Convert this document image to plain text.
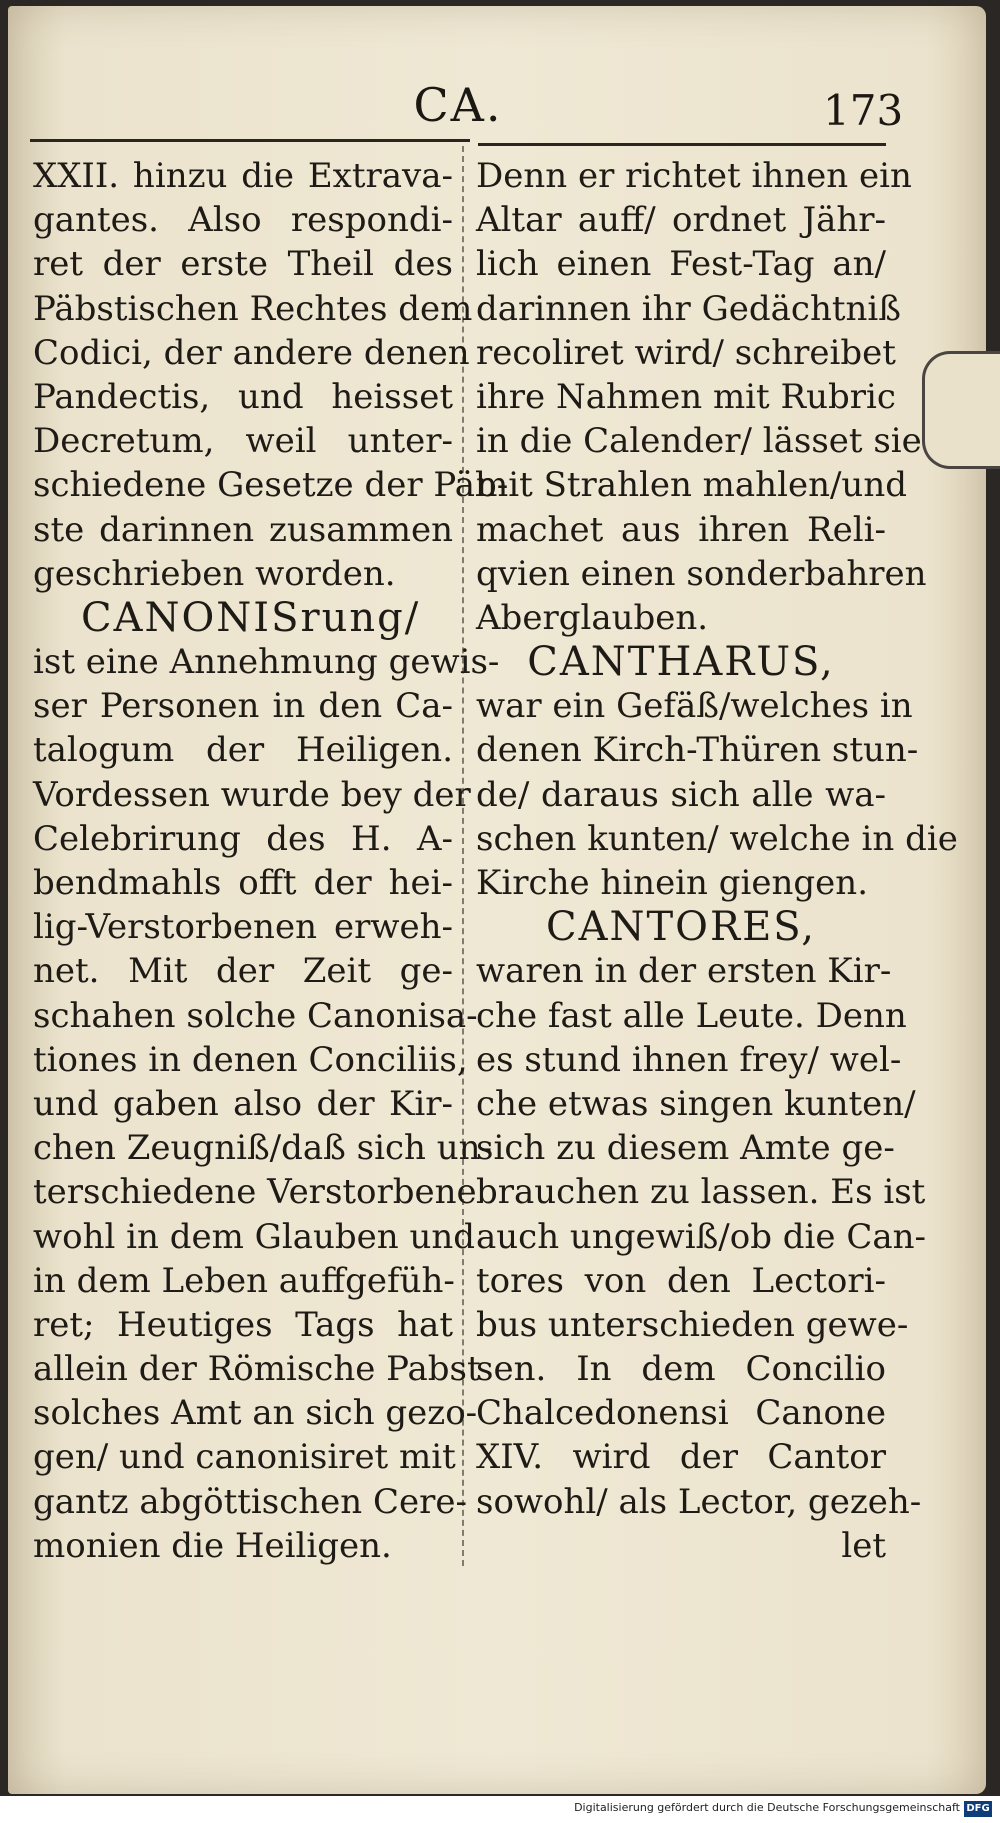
CA.	173
XXII. hinzu die Extrava-
gantes. Also respondi-
ret der erste Theil des
Päbstischen Rechtes dem
Codici, der andere denen
Pandectis, und heisset
Decretum, weil unter-
schiedene Gesetze der Päb-
ste darinnen zusammen
geschrieben worden.
CANONISrung/
ist eine Annehmung gewis-
ser Personen in den Ca-
talogum der Heiligen.
Vordessen wurde bey der
Celebrirung des H. A-
bendmahls offt der hei-
lig-Verstorbenen erweh-
net. Mit der Zeit ge-
schahen solche Canonisa-
tiones in denen Conciliis,
und gaben also der Kir-
chen Zeugniß/daß sich un-
terschiedene Verstorbene
wohl in dem Glauben und
in dem Leben auffgefüh-
ret; Heutiges Tags hat
allein der Römische Pabst
solches Amt an sich gezo-
gen/ und canonisiret mit
gantz abgöttischen Cere-
monien die Heiligen.
Denn er richtet ihnen ein
Altar auff/ ordnet Jähr-
lich einen Fest-Tag an/
darinnen ihr Gedächtniß
recoliret wird/ schreibet
ihre Nahmen mit Rubric
in die Calender/ lässet sie
mit Strahlen mahlen/und
machet aus ihren Reli-
qvien einen sonderbahren
Aberglauben.
CANTHARUS,
war ein Gefäß/welches in
denen Kirch-Thüren stun-
de/ daraus sich alle wa-
schen kunten/ welche in die
Kirche hinein giengen.
CANTORES,
waren in der ersten Kir-
che fast alle Leute. Denn
es stund ihnen frey/ wel-
che etwas singen kunten/
sich zu diesem Amte ge-
brauchen zu lassen. Es ist
auch ungewiß/ob die Can-
tores von den Lectori-
bus unterschieden gewe-
sen. In dem Concilio
Chalcedonensi Canone
XIV. wird der Cantor
sowohl/ als Lector, gezeh-
let
Digitalisierung gefördert durch die Deutsche Forschungsgemeinschaft DFG
